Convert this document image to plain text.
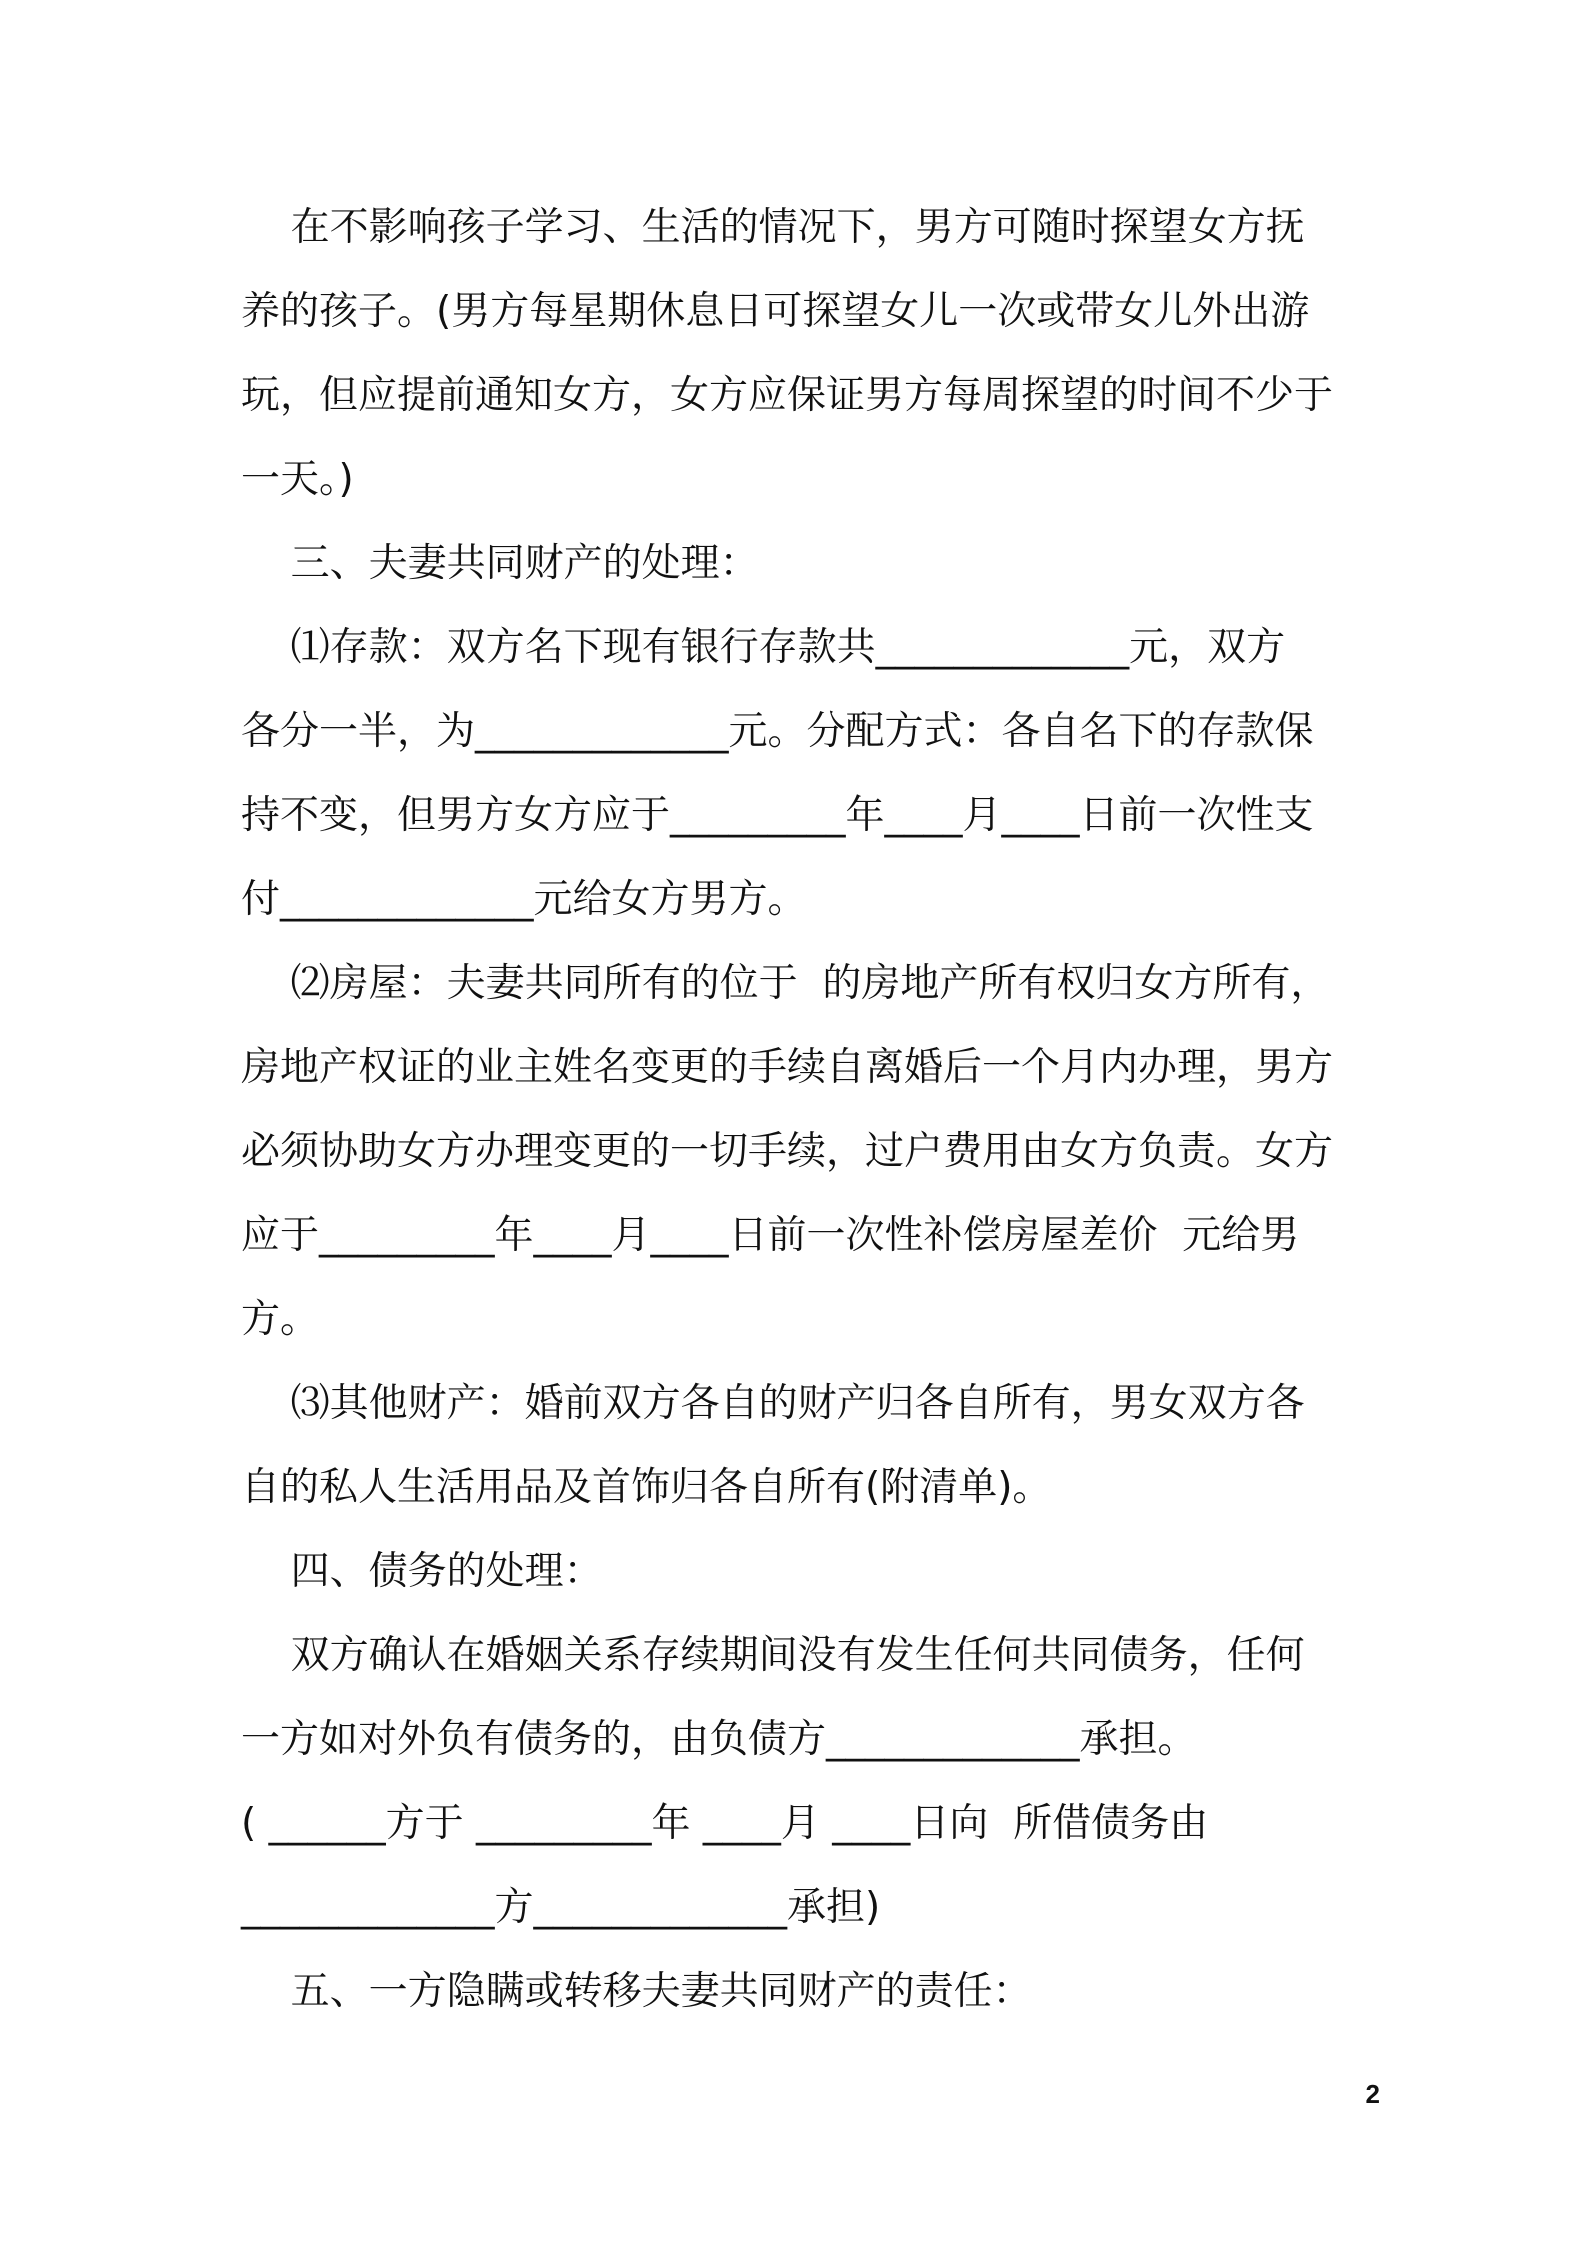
在不影响孩子学习、生活的情况下，男方可随时探望女方抚
养的孩子。(男方每星期休息日可探望女儿一次或带女儿外出游
玩，但应提前通知女方，女方应保证男方每周探望的时间不少于
一天。)
三、夫妻共同财产的处理：
⑴存款：双方名下现有银行存款共_____________元，双方
各分一半，为_____________元。分配方式：各自名下的存款保
持不变，但男方女方应于_________年____月____日前一次性支
付_____________元给女方男方。
⑵房屋：夫妻共同所有的位于  的房地产所有权归女方所有，
房地产权证的业主姓名变更的手续自离婚后一个月内办理，男方
必须协助女方办理变更的一切手续，过户费用由女方负责。女方
应于_________年____月____日前一次性补偿房屋差价  元给男
方。
⑶其他财产：婚前双方各自的财产归各自所有，男女双方各
自的私人生活用品及首饰归各自所有(附清单)。
四、债务的处理：
双方确认在婚姻关系存续期间没有发生任何共同债务，任何
一方如对外负有债务的，由负债方_____________承担。
( ______方于 _________年 ____月 ____日向  所借债务由
_____________方_____________承担)
五、一方隐瞒或转移夫妻共同财产的责任：
2
